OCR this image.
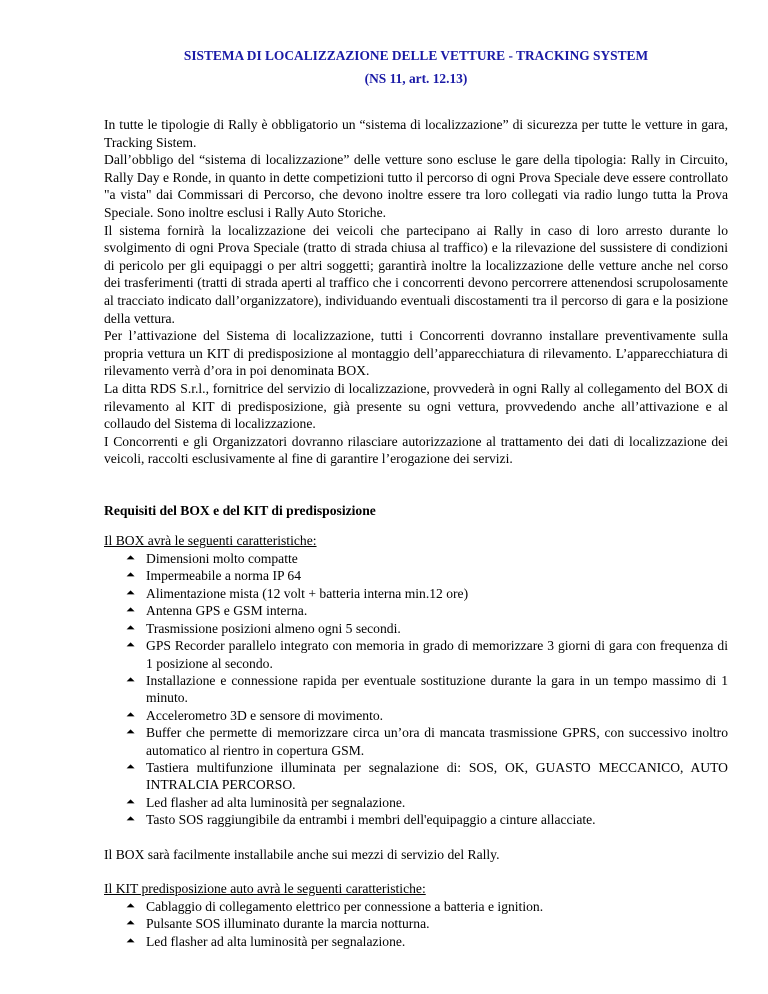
SISTEMA DI LOCALIZZAZIONE DELLE VETTURE - TRACKING SYSTEM

(NS 11, art. 12.13)

In tutte le tipologie di Rally è obbligatorio un “sistema di localizzazione” di sicurezza per tutte le vetture in gara, Tracking Sistem.

Dall’obbligo del “sistema di localizzazione” delle vetture sono escluse le gare della tipologia: Rally in Circuito, Rally Day e Ronde, in quanto in dette competizioni tutto il percorso di ogni Prova Speciale deve essere controllato "a vista" dai Commissari di Percorso, che devono inoltre essere tra loro collegati via radio lungo tutta la Prova Speciale. Sono inoltre esclusi i Rally Auto Storiche.

Il sistema fornirà la localizzazione dei veicoli che partecipano ai Rally in caso di loro arresto durante lo svolgimento di ogni Prova Speciale (tratto di strada chiusa al traffico) e la rilevazione del sussistere di condizioni di pericolo per gli equipaggi o per altri soggetti; garantirà inoltre la localizzazione delle vetture anche nel corso dei trasferimenti (tratti di strada aperti al traffico che i concorrenti devono percorrere attenendosi scrupolosamente al tracciato indicato dall’organizzatore), individuando eventuali discostamenti tra il percorso di gara e la posizione della vettura.

Per l’attivazione del Sistema di localizzazione, tutti i Concorrenti dovranno installare preventivamente sulla propria vettura un KIT di predisposizione al montaggio dell’apparecchiatura di rilevamento. L’apparecchiatura di rilevamento verrà d’ora in poi denominata BOX.

La ditta RDS S.r.l., fornitrice del servizio di localizzazione, provvederà in ogni Rally al collegamento del BOX di rilevamento al KIT di predisposizione, già presente su ogni vettura, provvedendo anche all’attivazione e al collaudo del Sistema di localizzazione.

I Concorrenti e gli Organizzatori dovranno rilasciare autorizzazione al trattamento dei dati di localizzazione dei veicoli, raccolti esclusivamente al fine di garantire l’erogazione dei servizi.

Requisiti del BOX e del KIT di predisposizione
Il BOX avrà le seguenti caratteristiche:
⏶ Dimensioni molto compatte
⏶ Impermeabile a norma IP 64
⏶ Alimentazione mista (12 volt + batteria interna min.12 ore)
⏶ Antenna GPS e GSM interna.
⏶ Trasmissione posizioni almeno ogni 5 secondi.
⏶ GPS Recorder parallelo integrato con memoria in grado di memorizzare 3 giorni di gara con frequenza di 1 posizione al secondo.
⏶ Installazione e connessione rapida per eventuale sostituzione durante la gara in un tempo massimo di 1 minuto.
⏶ Accelerometro 3D e sensore di movimento.
⏶ Buffer che permette di memorizzare circa un’ora di mancata trasmissione GPRS, con successivo inoltro automatico al rientro in copertura GSM.
⏶ Tastiera multifunzione illuminata per segnalazione di: SOS, OK, GUASTO MECCANICO, AUTO INTRALCIA PERCORSO.
⏶ Led flasher ad alta luminosità per segnalazione.
⏶ Tasto SOS raggiungibile da entrambi i membri dell'equipaggio a cinture allacciate.
Il BOX sarà facilmente installabile anche sui mezzi di servizio del Rally.
Il KIT predisposizione auto avrà le seguenti caratteristiche:
⏶ Cablaggio di collegamento elettrico per connessione a batteria e ignition.
⏶ Pulsante SOS illuminato durante la marcia notturna.
⏶ Led flasher ad alta luminosità per segnalazione.
